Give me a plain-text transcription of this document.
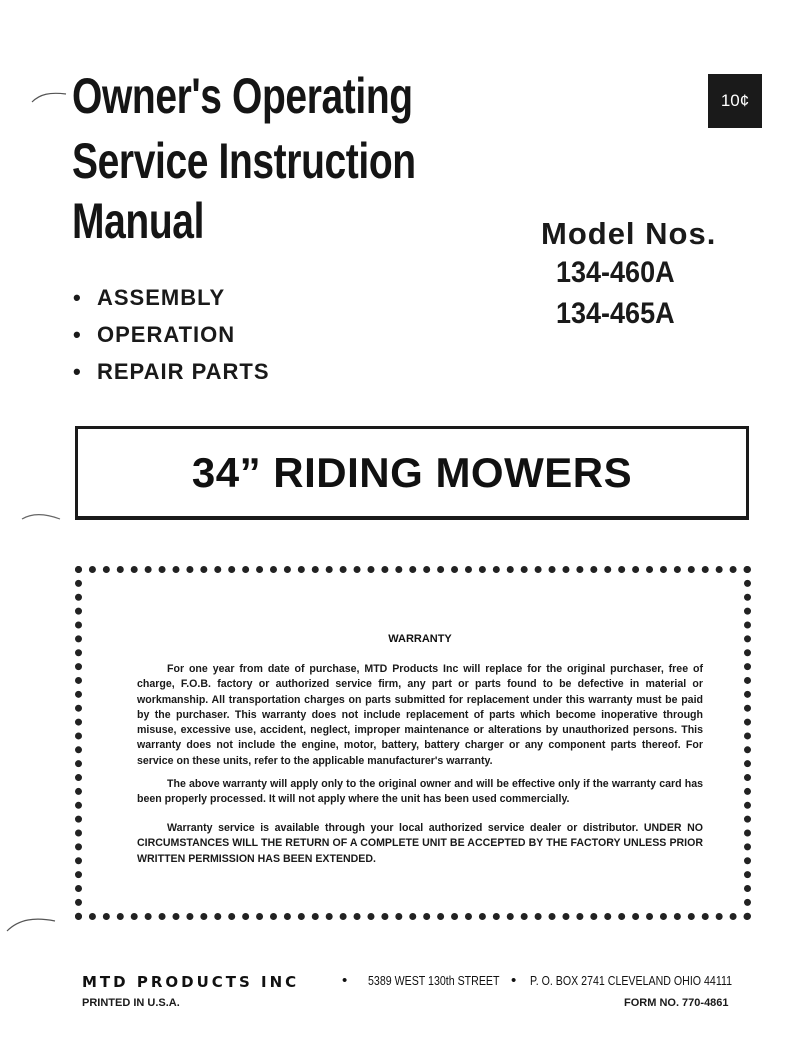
Owner's Operating
Service Instruction
Manual
10¢
Model Nos.
134-460A
134-465A
• ASSEMBLY
• OPERATION
• REPAIR PARTS
34” RIDING MOWERS
WARRANTY

For one year from date of purchase, MTD Products Inc will replace for the original purchaser, free of charge, F.O.B. factory or authorized service firm, any part or parts found to be defective in material or workmanship. All transportation charges on parts submitted for replacement under this warranty must be paid by the purchaser. This warranty does not include replacement of parts which become inoperative through misuse, excessive use, accident, neglect, improper maintenance or alterations by unauthorized persons. This warranty does not include the engine, motor, battery, battery charger or any component parts thereof. For service on these units, refer to the applicable manufacturer's warranty.

The above warranty will apply only to the original owner and will be effective only if the warranty card has been properly processed. It will not apply where the unit has been used commercially.

Warranty service is available through your local authorized service dealer or distributor. UNDER NO CIRCUMSTANCES WILL THE RETURN OF A COMPLETE UNIT BE ACCEPTED BY THE FACTORY UNLESS PRIOR WRITTEN PERMISSION HAS BEEN EXTENDED.

MTD PRODUCTS INC	• 5389 WEST 130th STREET • P. O. BOX 2741 CLEVELAND OHIO 44111
PRINTED IN U.S.A.	FORM NO. 770-4861
